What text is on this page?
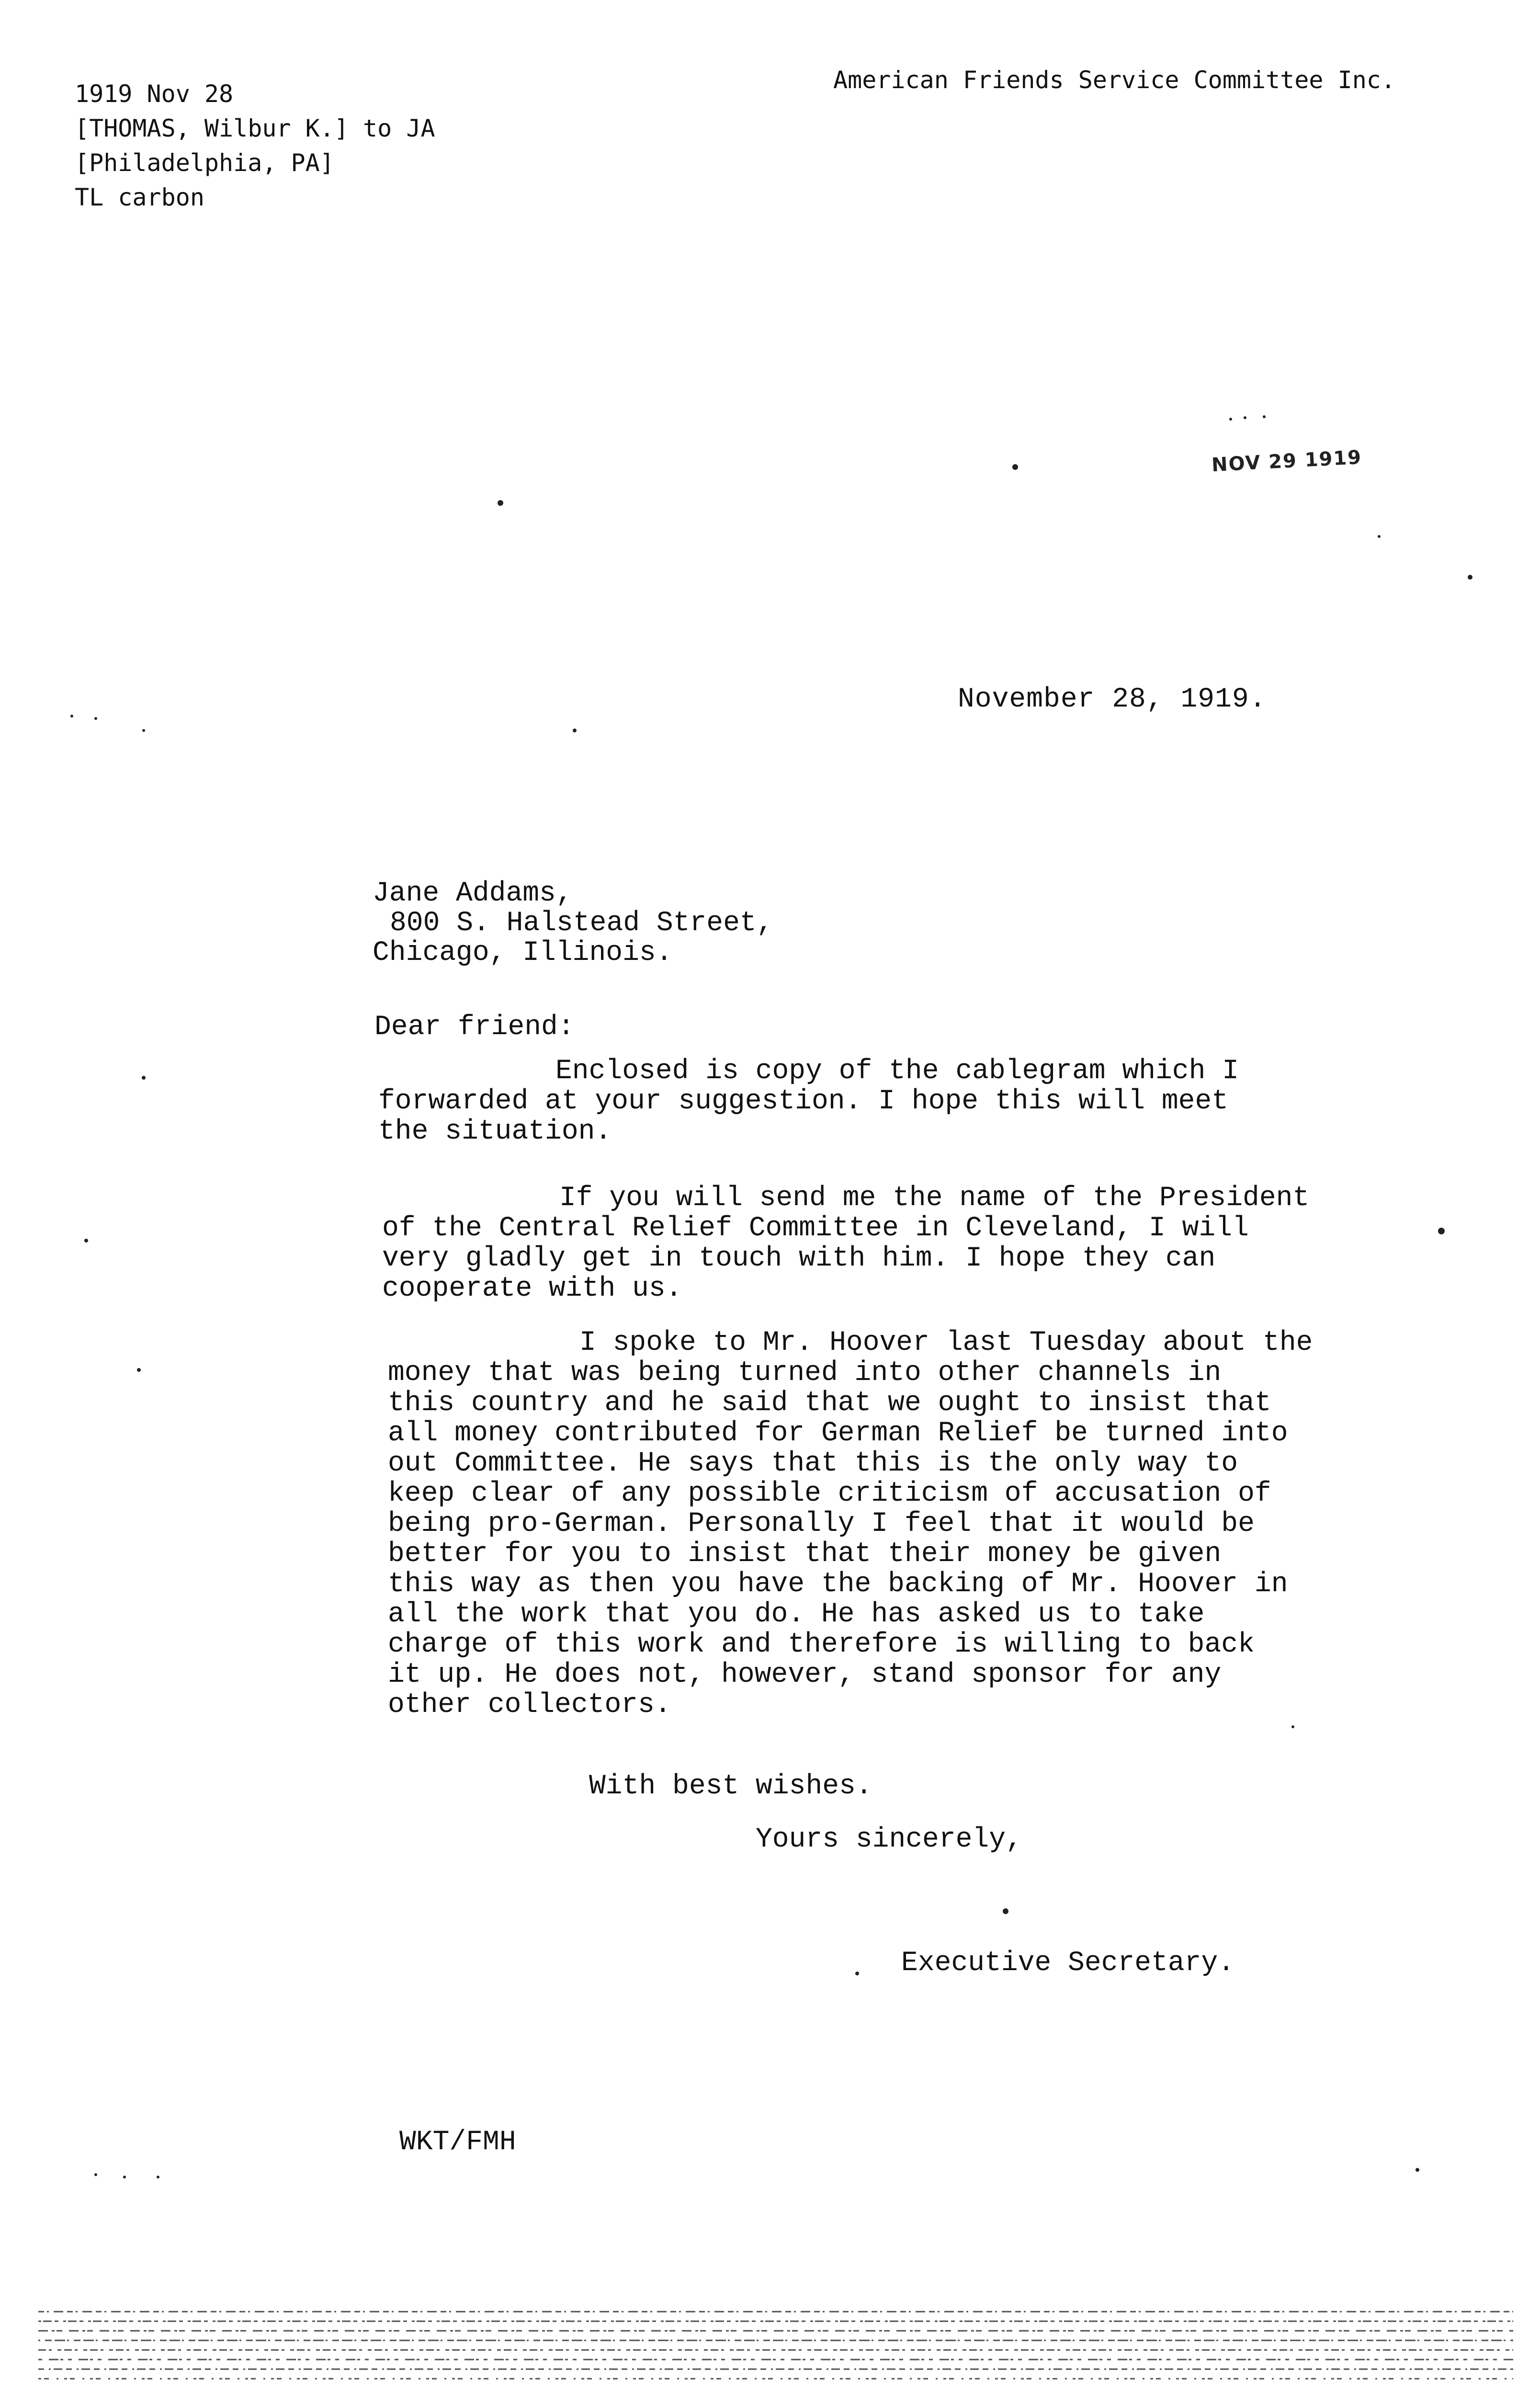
1919 Nov 28
[THOMAS, Wilbur K.] to JA
[Philadelphia, PA]
TL carbon
American Friends Service Committee Inc.
NOV 29 1919
November 28, 1919.
Jane Addams,
800 S. Halstead Street,
Chicago, Illinois.
Dear friend:
Enclosed is copy of the cablegram which I
forwarded at your suggestion. I hope this will meet
the situation.
If you will send me the name of the President
of the Central Relief Committee in Cleveland, I will
very gladly get in touch with him. I hope they can
cooperate with us.
I spoke to Mr. Hoover last Tuesday about the
money that was being turned into other channels in
this country and he said that we ought to insist that
all money contributed for German Relief be turned into
out Committee. He says that this is the only way to
keep clear of any possible criticism of accusation of
being pro-German. Personally I feel that it would be
better for you to insist that their money be given
this way as then you have the backing of Mr. Hoover in
all the work that you do. He has asked us to take
charge of this work and therefore is willing to back
it up. He does not, however, stand sponsor for any
other collectors.
With best wishes.
Yours sincerely,
Executive Secretary.
WKT/FMH
